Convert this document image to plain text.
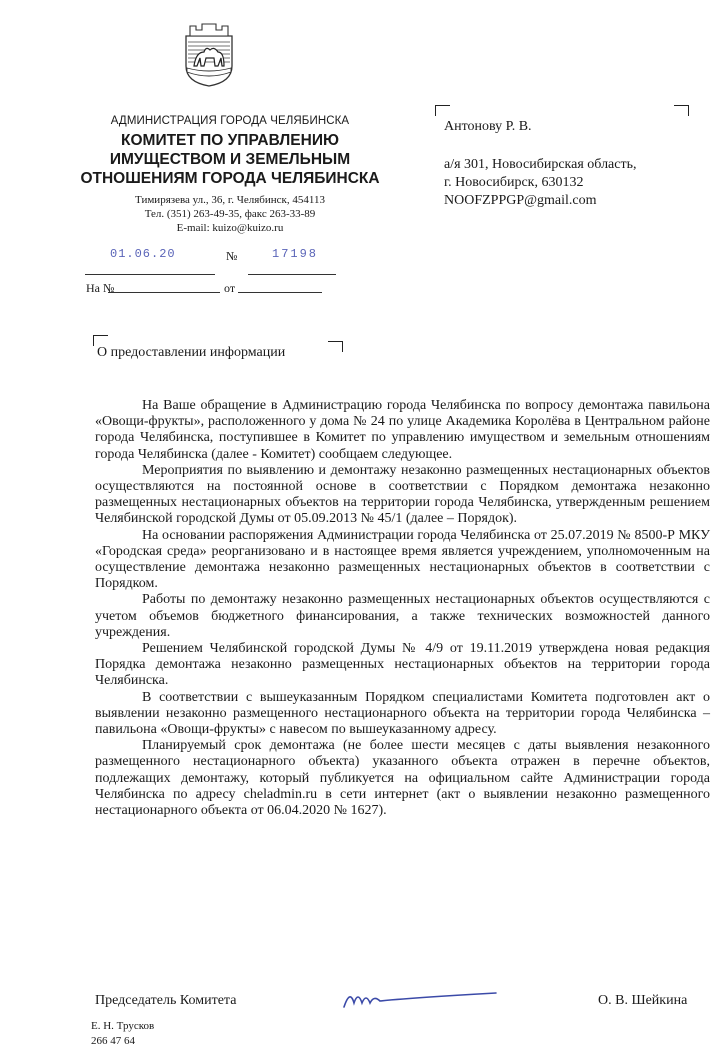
АДМИНИСТРАЦИЯ ГОРОДА ЧЕЛЯБИНСКА
КОМИТЕТ ПО УПРАВЛЕНИЮ
ИМУЩЕСТВОМ И ЗЕМЕЛЬНЫМ
ОТНОШЕНИЯМ ГОРОДА ЧЕЛЯБИНСКА
Тимирязева ул., 36, г. Челябинск, 454113
Тел. (351) 263-49-35, факс 263-33-89
E-mail: kuizo@kuizo.ru
01.06.20	№	17198
На №	от
Антонову Р. В.
а/я 301, Новосибирская область,
г. Новосибирск, 630132
NOOFZPPGP@gmail.com
О предоставлении информации

На Ваше обращение в Администрацию города Челябинска по вопросу демонтажа павильона «Овощи-фрукты», расположенного у дома № 24 по улице Академика Королёва в Центральном районе города Челябинска, поступившее в Комитет по управлению имуществом и земельным отношениям города Челябинска (далее - Комитет) сообщаем следующее.

Мероприятия по выявлению и демонтажу незаконно размещенных нестационарных объектов осуществляются на постоянной основе в соответствии с Порядком демонтажа незаконно размещенных нестационарных объектов на территории города Челябинска, утвержденным решением Челябинской городской Думы от 05.09.2013 № 45/1 (далее – Порядок).

На основании распоряжения Администрации города Челябинска от 25.07.2019 № 8500-Р МКУ «Городская среда» реорганизовано и в настоящее время является учреждением, уполномоченным на осуществление демонтажа незаконно размещенных нестационарных объектов в соответствии с Порядком.

Работы по демонтажу незаконно размещенных нестационарных объектов осуществляются с учетом объемов бюджетного финансирования, а также технических возможностей данного учреждения.

Решением Челябинской городской Думы № 4/9 от 19.11.2019 утверждена новая редакция Порядка демонтажа незаконно размещенных нестационарных объектов на территории города Челябинска.

В соответствии с вышеуказанным Порядком специалистами Комитета подготовлен акт о выявлении незаконно размещенного нестационарного объекта на территории города Челябинска – павильона «Овощи-фрукты» с навесом по вышеуказанному адресу.

Планируемый срок демонтажа (не более шести месяцев с даты выявления незаконного размещенного нестационарного объекта) указанного объекта отражен в перечне объектов, подлежащих демонтажу, который публикуется на официальном сайте Администрации города Челябинска по адресу cheladmin.ru в сети интернет (акт о выявлении незаконно размещенного нестационарного объекта от 06.04.2020 № 1627).

Председатель Комитета	О. В. Шейкина
Е. Н. Трусков
266 47 64
